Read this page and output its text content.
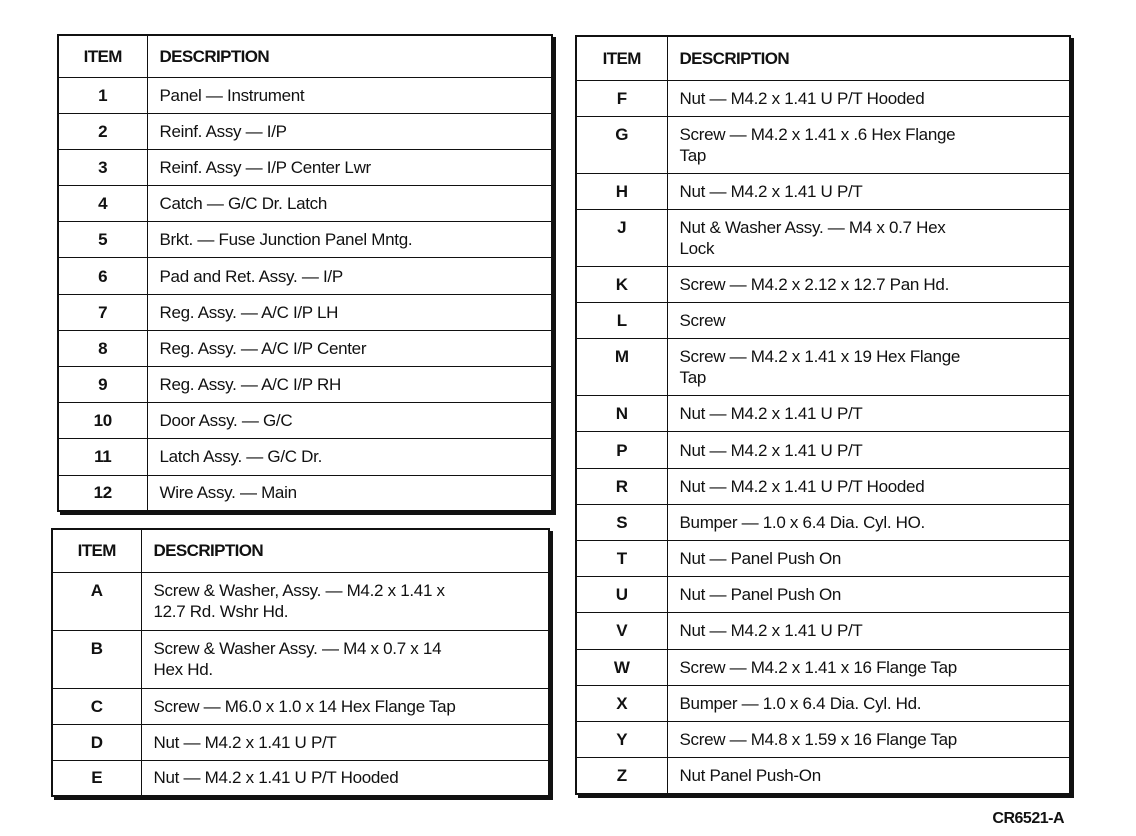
ITEM	DESCRIPTION
1	Panel — Instrument
2	Reinf. Assy — I/P
3	Reinf. Assy — I/P Center Lwr
4	Catch — G/C Dr. Latch
5	Brkt. — Fuse Junction Panel Mntg.
6	Pad and Ret. Assy. — I/P
7	Reg. Assy. — A/C I/P LH
8	Reg. Assy. — A/C I/P Center
9	Reg. Assy. — A/C I/P RH
10	Door Assy. — G/C
11	Latch Assy. — G/C Dr.
12	Wire Assy. — Main
ITEM	DESCRIPTION
A	Screw & Washer, Assy. — M4.2 x 1.41 x
12.7 Rd. Wshr Hd.
B	Screw & Washer Assy. — M4 x 0.7 x 14
Hex Hd.
C	Screw — M6.0 x 1.0 x 14 Hex Flange Tap
D	Nut — M4.2 x 1.41 U P/T
E	Nut — M4.2 x 1.41 U P/T Hooded
ITEM	DESCRIPTION
F	Nut — M4.2 x 1.41 U P/T Hooded
G	Screw — M4.2 x 1.41 x .6 Hex Flange
Tap
H	Nut — M4.2 x 1.41 U P/T
J	Nut & Washer Assy. — M4 x 0.7 Hex
Lock
K	Screw — M4.2 x 2.12 x 12.7 Pan Hd.
L	Screw
M	Screw — M4.2 x 1.41 x 19 Hex Flange
Tap
N	Nut — M4.2 x 1.41 U P/T
P	Nut — M4.2 x 1.41 U P/T
R	Nut — M4.2 x 1.41 U P/T Hooded
S	Bumper — 1.0 x 6.4 Dia. Cyl. HO.
T	Nut — Panel Push On
U	Nut — Panel Push On
V	Nut — M4.2 x 1.41 U P/T
W	Screw — M4.2 x 1.41 x 16 Flange Tap
X	Bumper — 1.0 x 6.4 Dia. Cyl. Hd.
Y	Screw — M4.8 x 1.59 x 16 Flange Tap
Z	Nut Panel Push-On
CR6521-A
